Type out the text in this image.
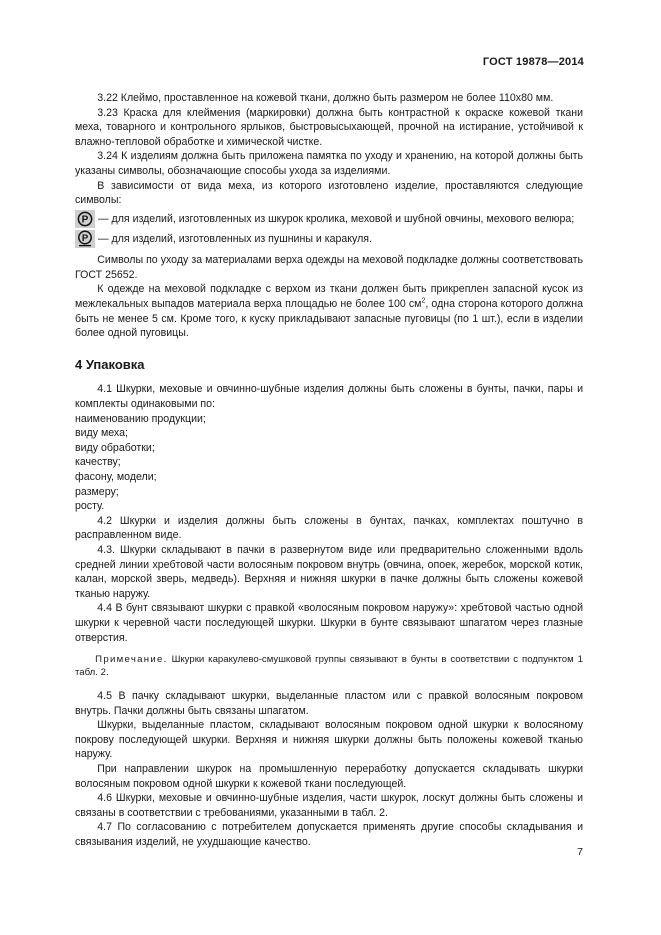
ГОСТ 19878—2014

3.22 Клеймо, проставленное на кожевой ткани, должно быть размером не более 110х80 мм.

3.23 Краска для клеймения (маркировки) должна быть контрастной к окраске кожевой ткани меха, товарного и контрольного ярлыков, быстровысыхающей, прочной на истирание, устойчивой к влажно-тепловой обработке и химической чистке.

3.24 К изделиям должна быть приложена памятка по уходу и хранению, на которой должны быть указаны символы, обозначающие способы ухода за изделиями.

В зависимости от вида меха, из которого изготовлено изделие, проставляются следующие символы:

P — для изделий, изготовленных из шкурок кролика, меховой и шубной овчины, мехового велюра;
P — для изделий, изготовленных из пушнины и каракуля.

Символы по уходу за материалами верха одежды на меховой подкладке должны соответствовать ГОСТ 25652.

К одежде на меховой подкладке с верхом из ткани должен быть прикреплен запасной кусок из межлекальных выпадов материала верха площадью не более 100 $см^2$, одна сторона которого должна быть не менее 5 см. Кроме того, к куску прикладывают запасные пуговицы (по 1 шт.), если в изделии более одной пуговицы.

4 Упаковка

4.1 Шкурки, меховые и овчинно-шубные изделия должны быть сложены в бунты, пачки, пары и комплекты одинаковыми по:

наименованию продукции;
виду меха;
виду обработки;
качеству;
фасону, модели;
размеру;
росту.

4.2 Шкурки и изделия должны быть сложены в бунтах, пачках, комплектах поштучно в расправленном виде.

4.3. Шкурки складывают в пачки в развернутом виде или предварительно сложенными вдоль средней линии хребтовой части волосяным покровом внутрь (овчина, опоек, жеребок, морской котик, калан, морской зверь, медведь). Верхняя и нижняя шкурки в пачке должны быть сложены кожевой тканью наружу.

4.4 В бунт связывают шкурки с правкой «волосяным покровом наружу»: хребтовой частью одной шкурки к черевной части последующей шкурки. Шкурки в бунте связывают шпагатом через глазные отверстия.

Примечание. Шкурки каракулево-смушковой группы связывают в бунты в соответствии с подпунктом 1 табл. 2.

4.5 В пачку складывают шкурки, выделанные пластом или с правкой волосяным покровом внутрь. Пачки должны быть связаны шпагатом.

Шкурки, выделанные пластом, складывают волосяным покровом одной шкурки к волосяному покрову последующей шкурки. Верхняя и нижняя шкурки должны быть положены кожевой тканью наружу.

При направлении шкурок на промышленную переработку допускается складывать шкурки волосяным покровом одной шкурки к кожевой ткани последующей.

4.6 Шкурки, меховые и овчинно-шубные изделия, части шкурок, лоскут должны быть сложены и связаны в соответствии с требованиями, указанными в табл. 2.

4.7 По согласованию с потребителем допускается применять другие способы складывания и связывания изделий, не ухудшающие качество.

7
